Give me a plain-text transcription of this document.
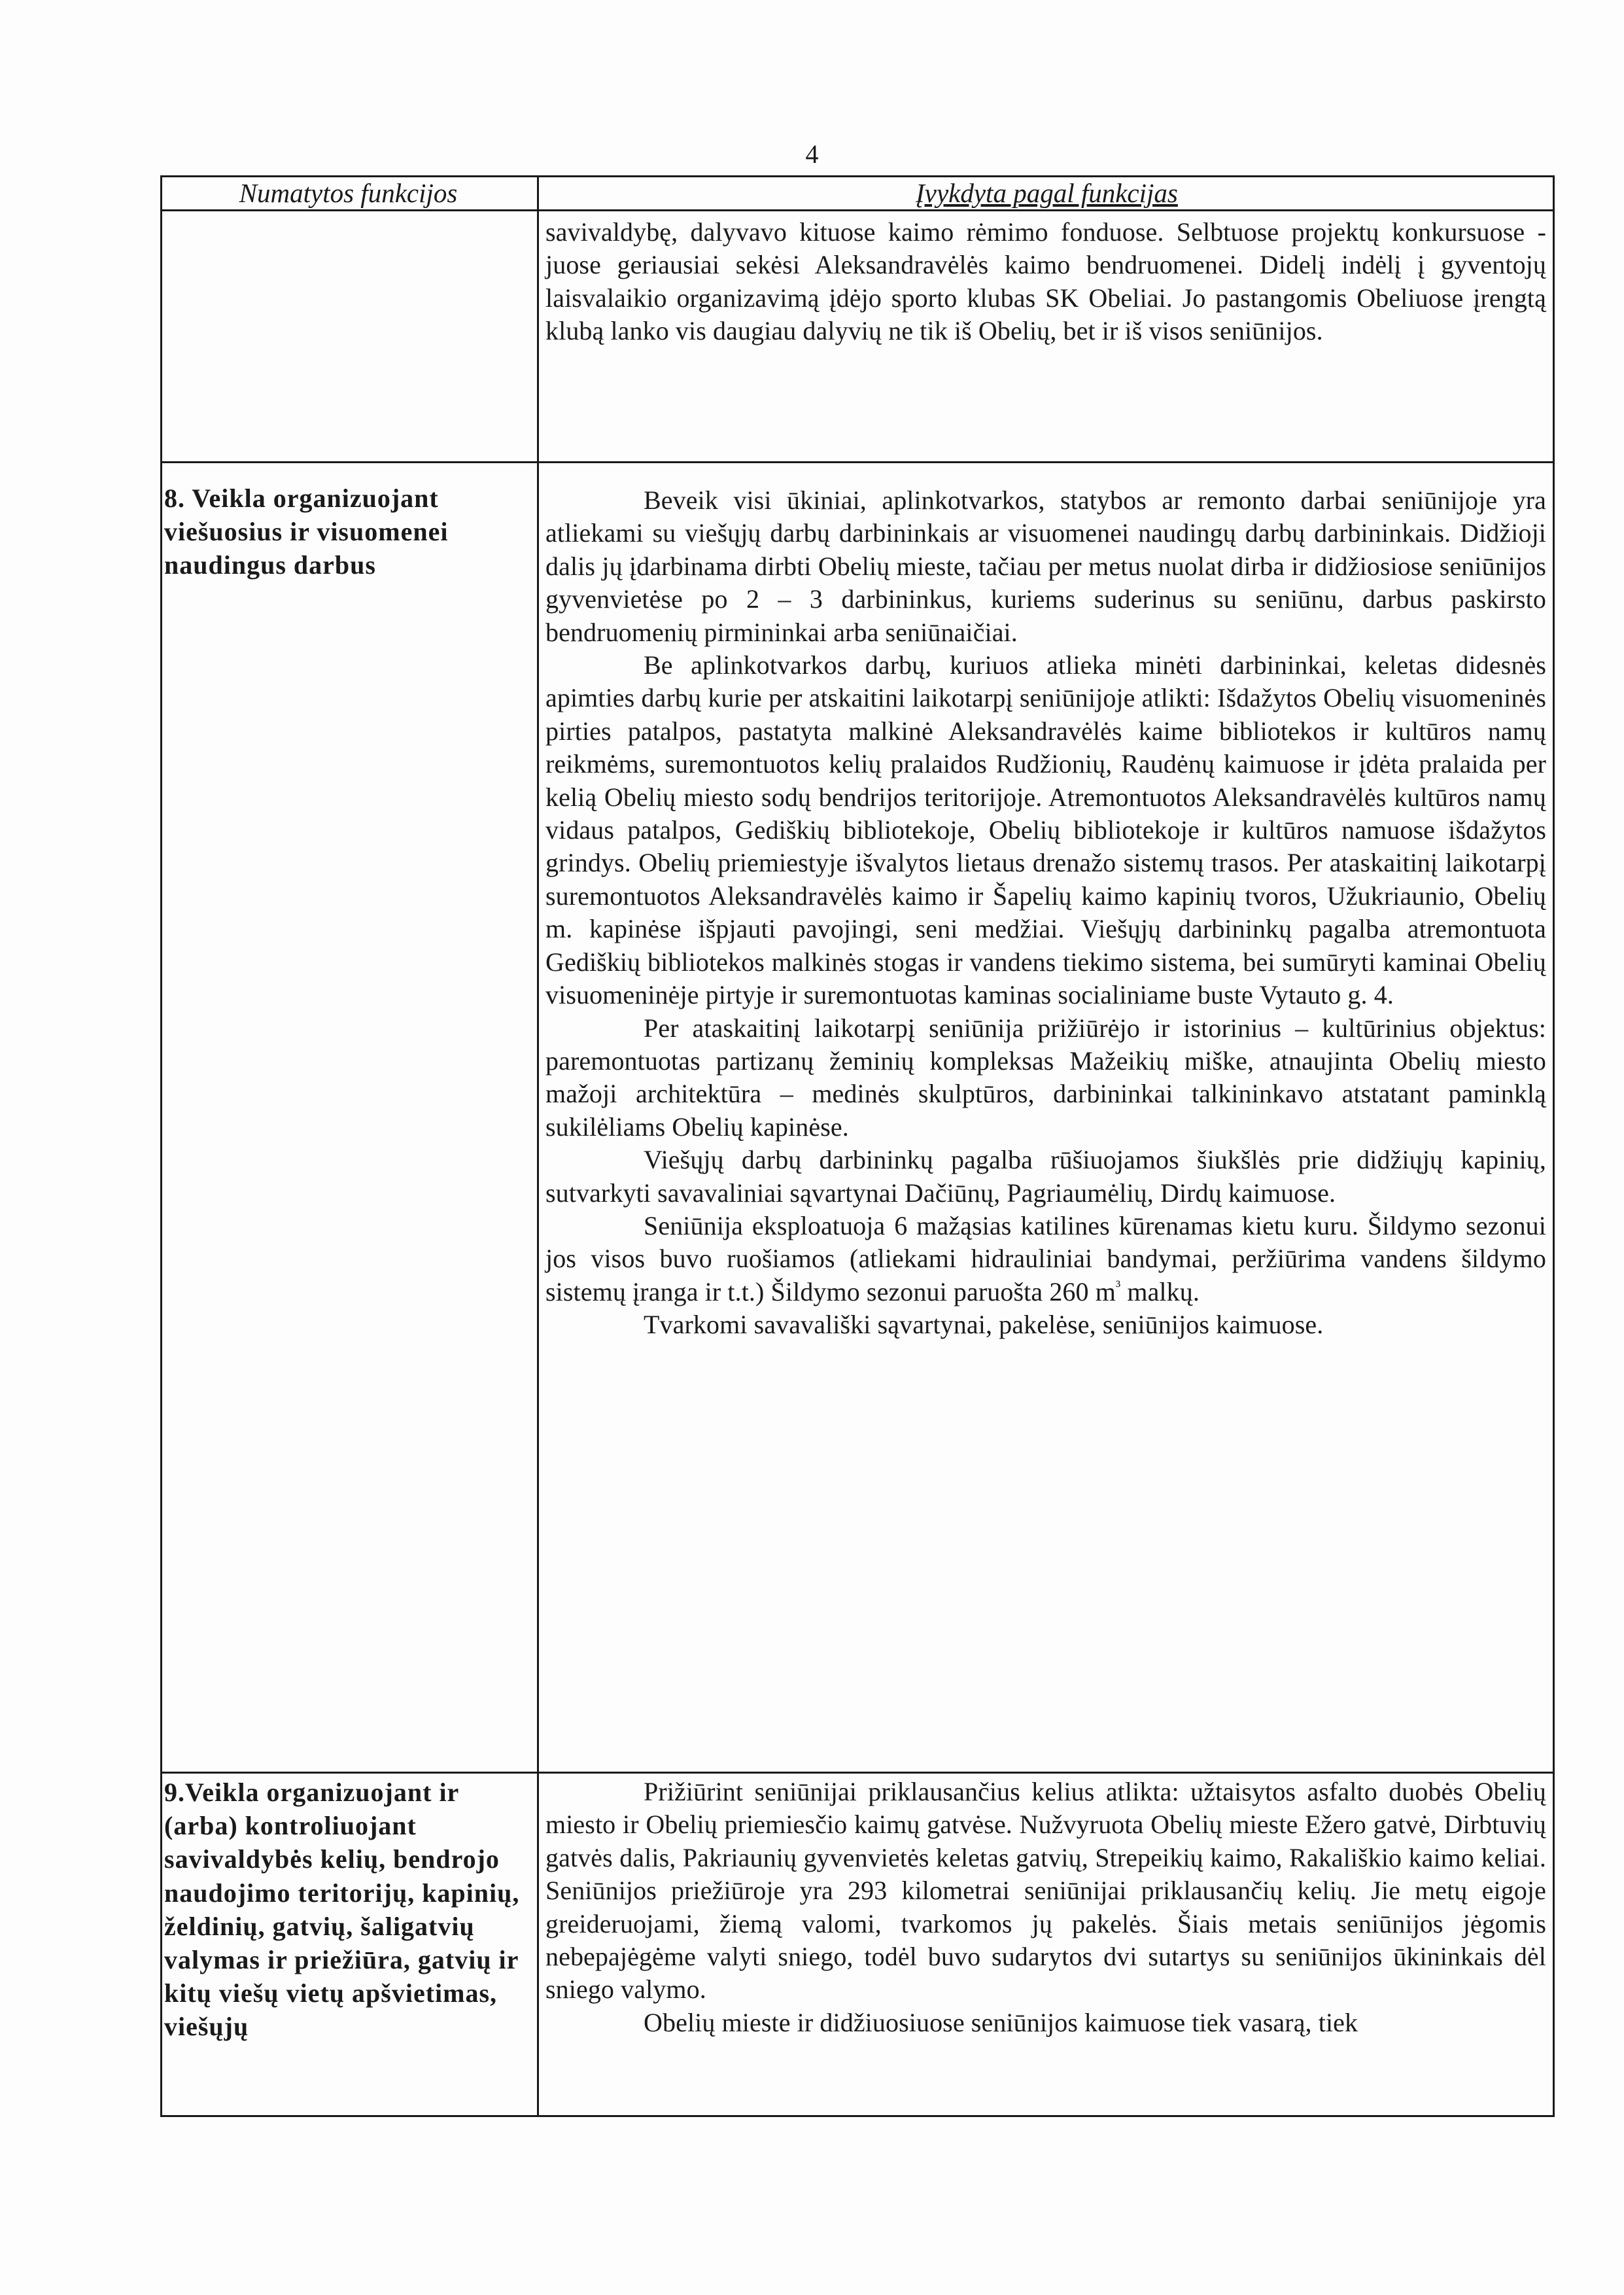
4
Numatytos funkcijos	Įvykdyta pagal funkcijas

savivaldybę, dalyvavo kituose kaimo rėmimo fonduose. Selbtuose projektų konkursuose - juose geriausiai sekėsi Aleksandravėlės kaimo bendruomenei. Didelį indėlį į gyventojų laisvalaikio organizavimą įdėjo sporto klubas SK Obeliai. Jo pastangomis Obeliuose įrengtą klubą lanko vis daugiau dalyvių ne tik iš Obelių, bet ir iš visos seniūnijos.

8. Veikla organizuojant viešuosius ir visuomenei naudingus darbus

Beveik visi ūkiniai, aplinkotvarkos, statybos ar remonto darbai seniūnijoje yra atliekami su viešųjų darbų darbininkais ar visuomenei naudingų darbų darbininkais. Didžioji dalis jų įdarbinama dirbti Obelių mieste, tačiau per metus nuolat dirba ir didžiosiose seniūnijos gyvenvietėse po 2 – 3 darbininkus, kuriems suderinus su seniūnu, darbus paskirsto bendruomenių pirmininkai arba seniūnaičiai.

Be aplinkotvarkos darbų, kuriuos atlieka minėti darbininkai, keletas didesnės apimties darbų kurie per atskaitini laikotarpį seniūnijoje atlikti: Išdažytos Obelių visuomeninės pirties patalpos, pastatyta malkinė Aleksandravėlės kaime bibliotekos ir kultūros namų reikmėms, suremontuotos kelių pralaidos Rudžionių, Raudėnų kaimuose ir įdėta pralaida per kelią Obelių miesto sodų bendrijos teritorijoje. Atremontuotos Aleksandravėlės kultūros namų vidaus patalpos, Gediškių bibliotekoje, Obelių bibliotekoje ir kultūros namuose išdažytos grindys. Obelių priemiestyje išvalytos lietaus drenažo sistemų trasos. Per ataskaitinį laikotarpį suremontuotos Aleksandravėlės kaimo ir Šapelių kaimo kapinių tvoros, Užukriaunio, Obelių m. kapinėse išpjauti pavojingi, seni medžiai. Viešųjų darbininkų pagalba atremontuota Gediškių bibliotekos malkinės stogas ir vandens tiekimo sistema, bei sumūryti kaminai Obelių visuomeninėje pirtyje ir suremontuotas kaminas socialiniame buste Vytauto g. 4.

Per ataskaitinį laikotarpį seniūnija prižiūrėjo ir istorinius – kultūrinius objektus: paremontuotas partizanų žeminių kompleksas Mažeikių miške, atnaujinta Obelių miesto mažoji architektūra – medinės skulptūros, darbininkai talkininkavo atstatant paminklą sukilėliams Obelių kapinėse.

Viešųjų darbų darbininkų pagalba rūšiuojamos šiukšlės prie didžiųjų kapinių, sutvarkyti savavaliniai sąvartynai Dačiūnų, Pagriaumėlių, Dirdų kaimuose.

Seniūnija eksploatuoja 6 mažąsias katilines kūrenamas kietu kuru. Šildymo sezonui jos visos buvo ruošiamos (atliekami hidrauliniai bandymai, peržiūrima vandens šildymo sistemų įranga ir t.t.) Šildymo sezonui paruošta 260 $m^{^3}$ malkų.

Tvarkomi savavališki sąvartynai, pakelėse, seniūnijos kaimuose.

9.Veikla organizuojant ir (arba) kontroliuojant savivaldybės kelių, bendrojo naudojimo teritorijų, kapinių, želdinių, gatvių, šaligatvių valymas ir priežiūra, gatvių ir kitų viešų vietų apšvietimas, viešųjų

Prižiūrint seniūnijai priklausančius kelius atlikta: užtaisytos asfalto duobės Obelių miesto ir Obelių priemiesčio kaimų gatvėse. Nužvyruota Obelių mieste Ežero gatvė, Dirbtuvių gatvės dalis, Pakriaunių gyvenvietės keletas gatvių, Strepeikių kaimo, Rakališkio kaimo keliai. Seniūnijos priežiūroje yra 293 kilometrai seniūnijai priklausančių kelių. Jie metų eigoje greideruojami, žiemą valomi, tvarkomos jų pakelės. Šiais metais seniūnijos jėgomis nebepajėgėme valyti sniego, todėl buvo sudarytos dvi sutartys su seniūnijos ūkininkais dėl sniego valymo.

Obelių mieste ir didžiuosiuose seniūnijos kaimuose tiek vasarą, tiek
